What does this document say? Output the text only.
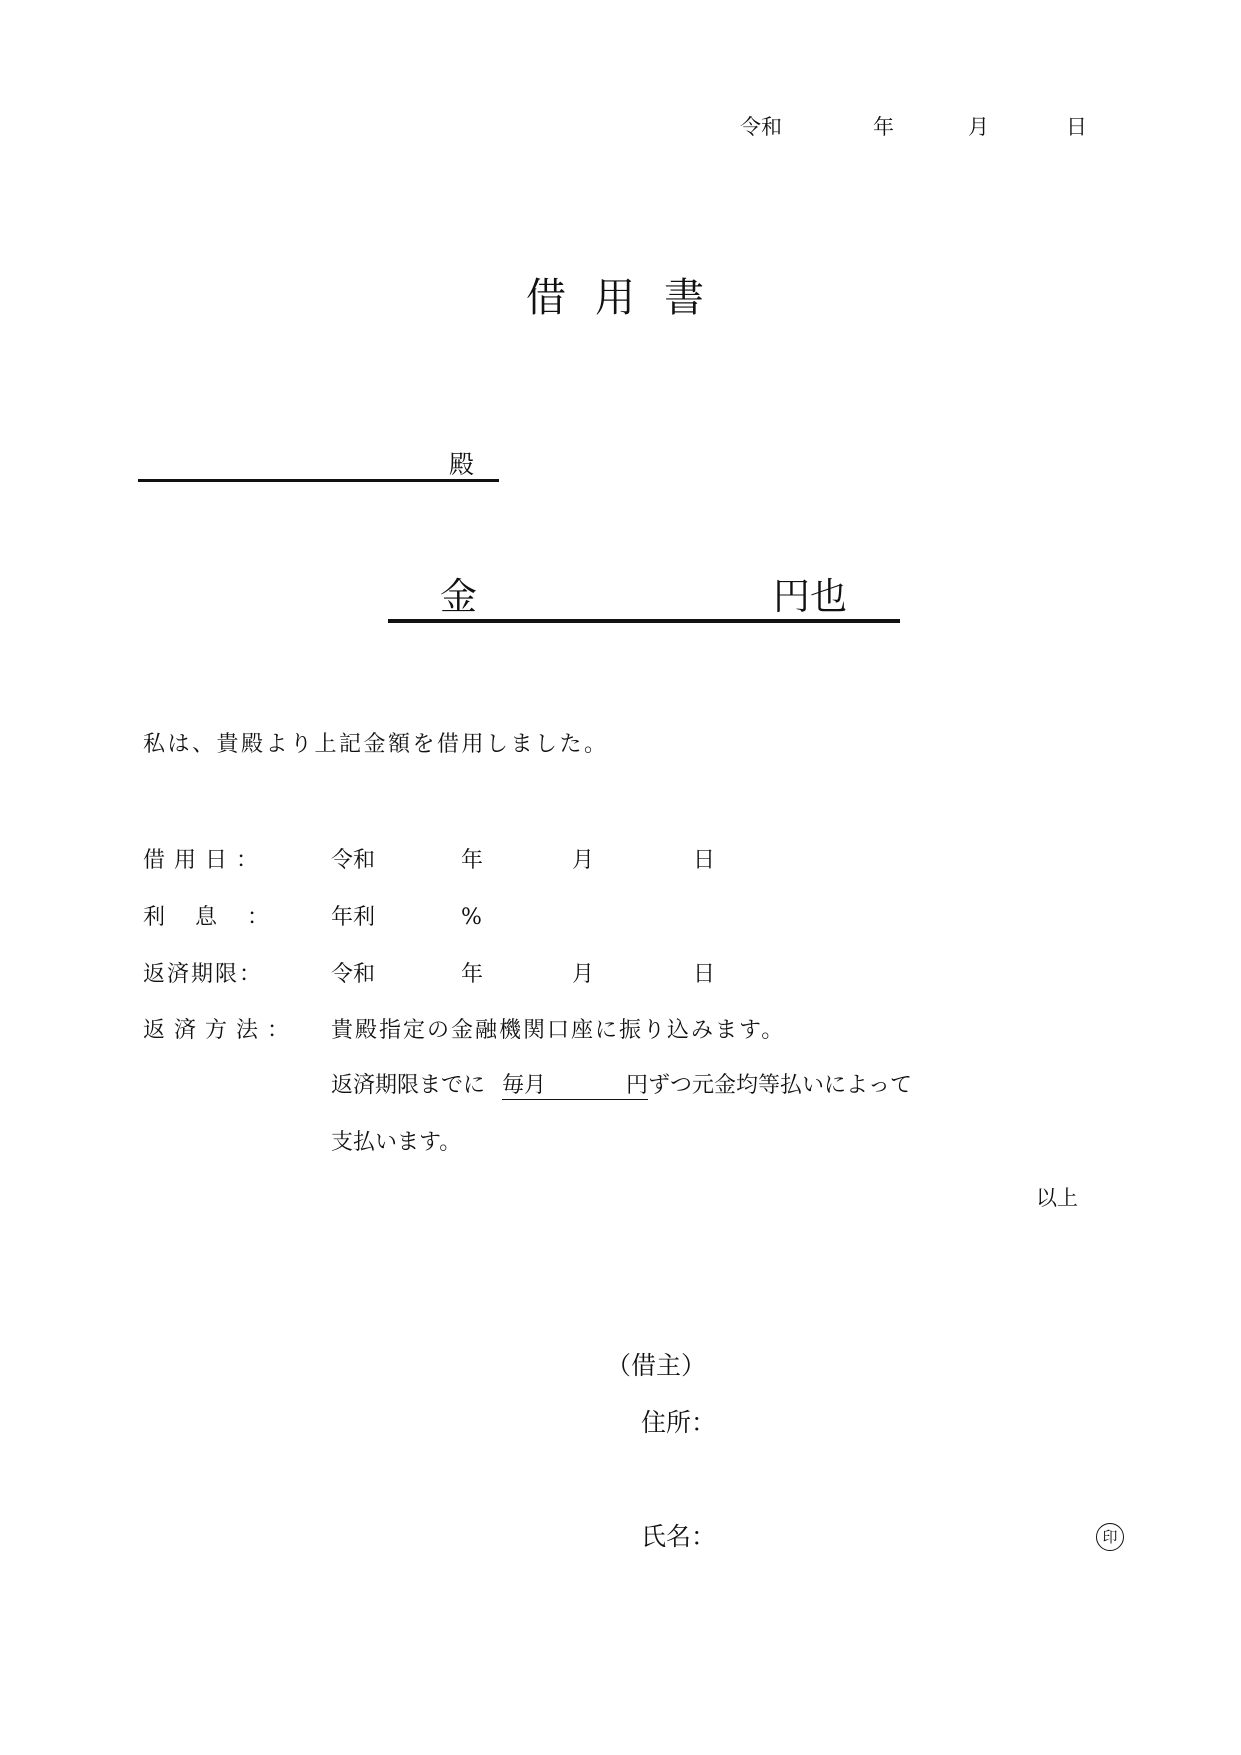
令和	年	月	日
借 用 書
殿
金	円也
私は、貴殿より上記金額を借用しました。
借用日：	令和	年	月	日
利　息　：	年利	%
返済期限：	令和	年	月	日
返済方法： 貴殿指定の金融機関口座に振り込みます。
返済期限までに 毎月	円 ずつ元金均等払いによって
支払います。
以上
（借主）
住所：
氏名：	印
